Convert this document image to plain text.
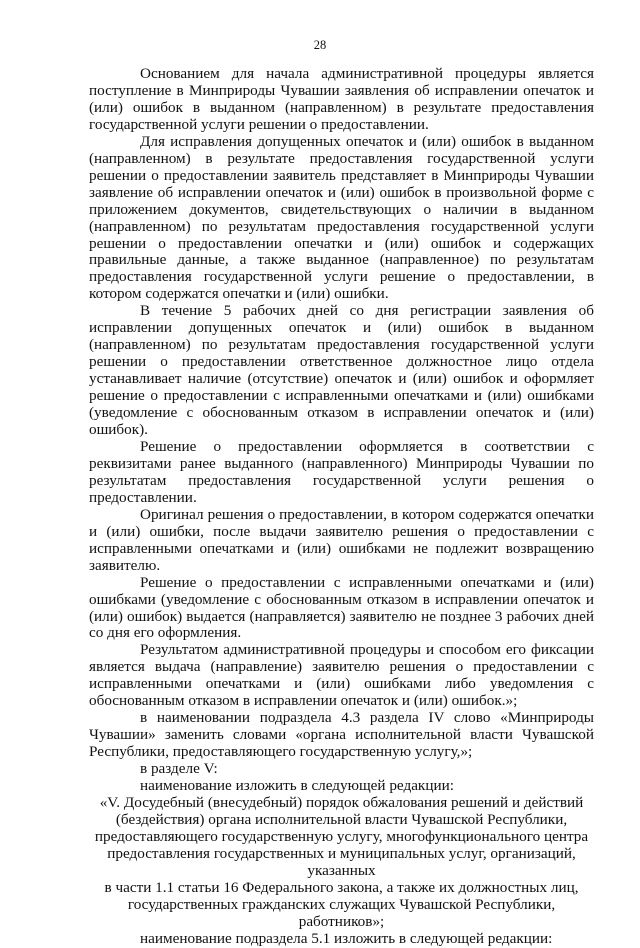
28

Основанием для начала административной процедуры является поступление в Минприроды Чувашии заявления об исправлении опечаток и (или) ошибок в выданном (направленном) в результате предоставления государственной услуги решении о предоставлении.

Для исправления допущенных опечаток и (или) ошибок в выданном (направленном) в результате предоставления государственной услуги решении о предоставлении заявитель представляет в Минприроды Чувашии заявление об исправлении опечаток и (или) ошибок в произвольной форме с приложением документов, свидетельствующих о наличии в выданном (направленном) по результатам предоставления государственной услуги решении о предоставлении опечатки и (или) ошибок и содержащих правильные данные, а также выданное (направленное) по результатам предоставления государственной услуги решение о предоставлении, в котором содержатся опечатки и (или) ошибки.

В течение 5 рабочих дней со дня регистрации заявления об исправлении допущенных опечаток и (или) ошибок в выданном (направленном) по результатам предоставления государственной услуги решении о предоставлении ответственное должностное лицо отдела устанавливает наличие (отсутствие) опечаток и (или) ошибок и оформляет решение о предоставлении с исправленными опечатками и (или) ошибками (уведомление с обоснованным отказом в исправлении опечаток и (или) ошибок).

Решение о предоставлении оформляется в соответствии с реквизитами ранее выданного (направленного) Минприроды Чувашии по результатам предоставления государственной услуги решения о предоставлении.

Оригинал решения о предоставлении, в котором содержатся опечатки и (или) ошибки, после выдачи заявителю решения о предоставлении с исправленными опечатками и (или) ошибками не подлежит возвращению заявителю.

Решение о предоставлении с исправленными опечатками и (или) ошибками (уведомление с обоснованным отказом в исправлении опечаток и (или) ошибок) выдается (направляется) заявителю не позднее 3 рабочих дней со дня его оформления.

Результатом административной процедуры и способом его фиксации является выдача (направление) заявителю решения о предоставлении с исправленными опечатками и (или) ошибками либо уведомления с обоснованным отказом в исправлении опечаток и (или) ошибок.»;

в наименовании подраздела 4.3 раздела IV слово «Минприроды Чувашии» заменить словами «органа исполнительной власти Чувашской Республики, предоставляющего государственную услугу,»;

в разделе V:

наименование изложить в следующей редакции:

«V. Досудебный (внесудебный) порядок обжалования решений и действий

(бездействия) органа исполнительной власти Чувашской Республики,

предоставляющего государственную услугу, многофункционального центра

предоставления государственных и муниципальных услуг, организаций, указанных

в части 1.1 статьи 16 Федерального закона, а также их должностных лиц,

государственных гражданских служащих Чувашской Республики, работников»;

наименование подраздела 5.1 изложить в следующей редакции:
